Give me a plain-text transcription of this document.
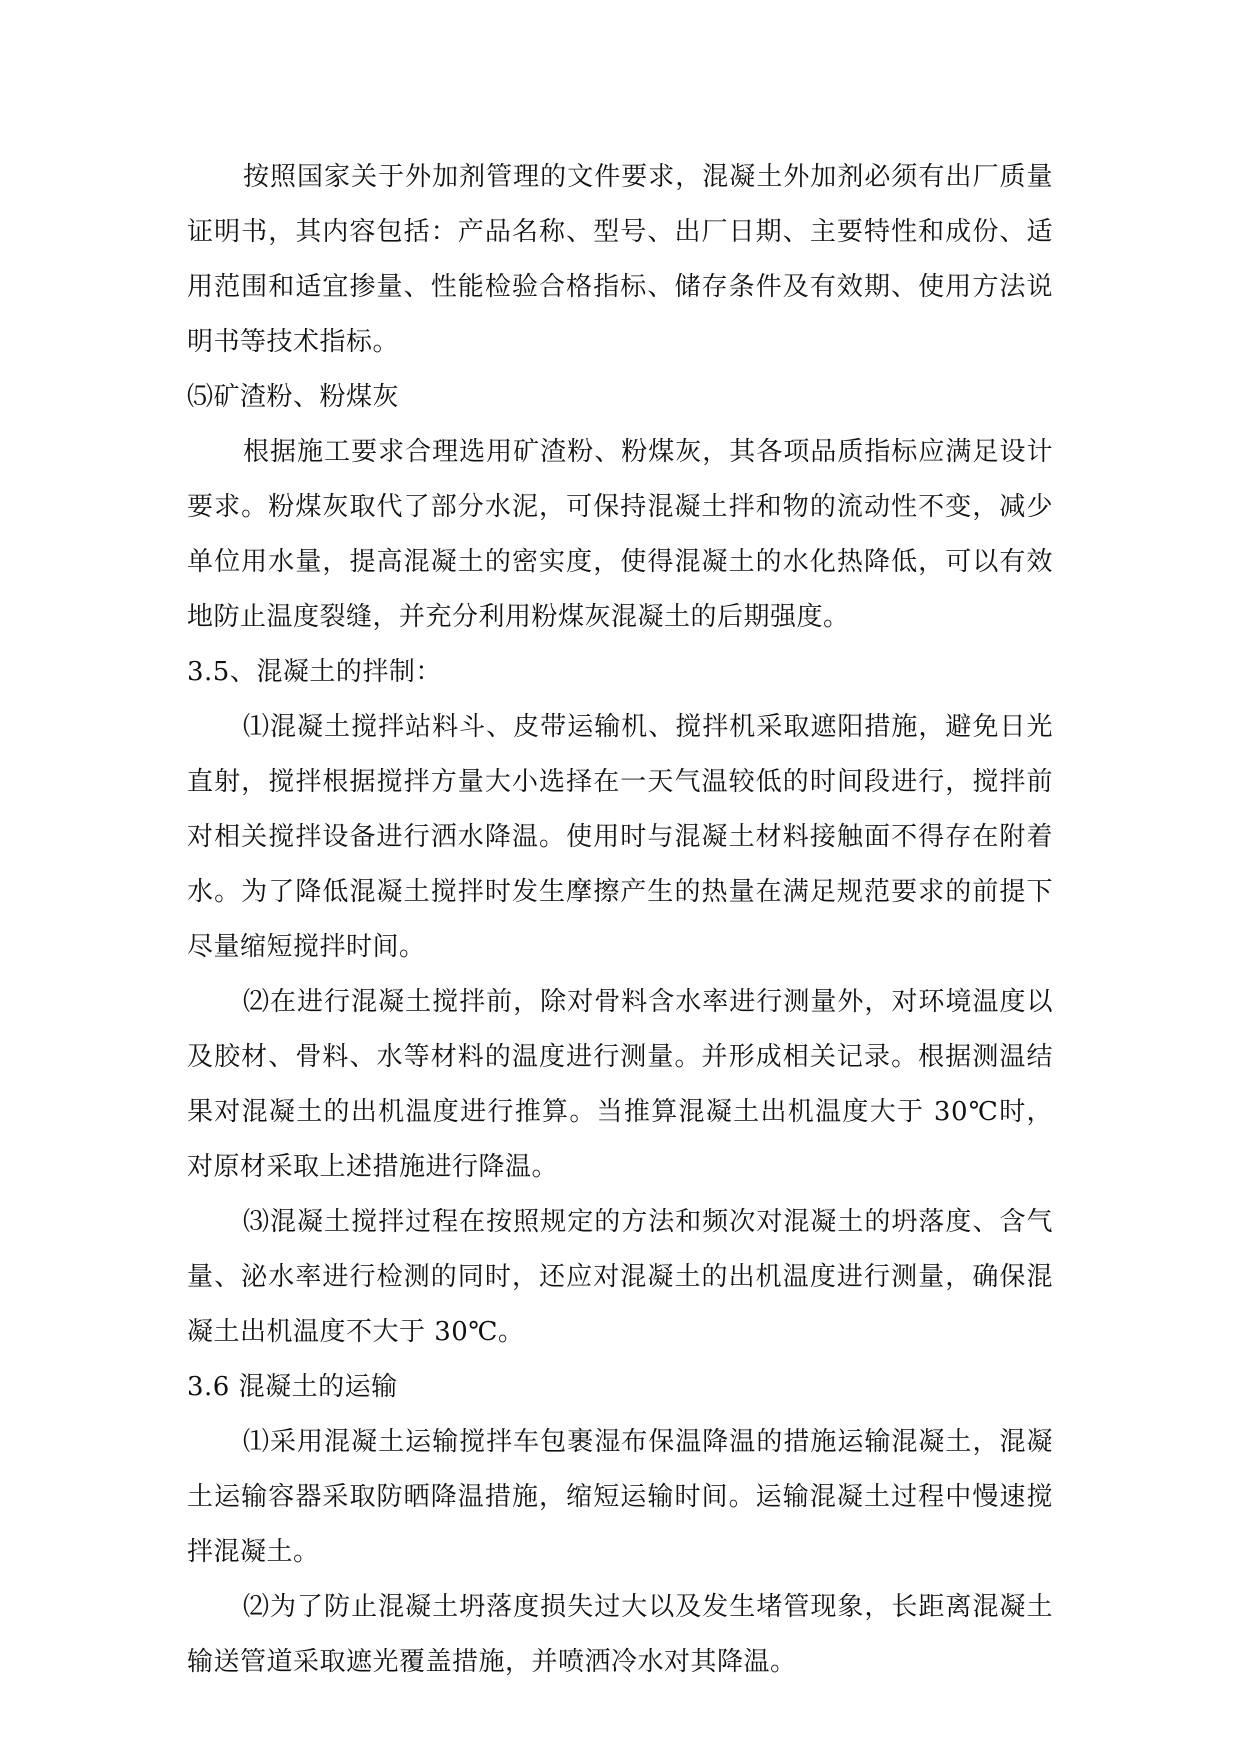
按照国家关于外加剂管理的文件要求，混凝土外加剂必须有出厂质量证明书，其内容包括：产品名称、型号、出厂日期、主要特性和成份、适用范围和适宜掺量、性能检验合格指标、储存条件及有效期、使用方法说明书等技术指标。

⑸矿渣粉、粉煤灰

根据施工要求合理选用矿渣粉、粉煤灰，其各项品质指标应满足设计要求。粉煤灰取代了部分水泥，可保持混凝土拌和物的流动性不变，减少单位用水量，提高混凝土的密实度，使得混凝土的水化热降低，可以有效地防止温度裂缝，并充分利用粉煤灰混凝土的后期强度。

3.5、混凝土的拌制：

⑴混凝土搅拌站料斗、皮带运输机、搅拌机采取遮阳措施，避免日光直射，搅拌根据搅拌方量大小选择在一天气温较低的时间段进行，搅拌前对相关搅拌设备进行洒水降温。使用时与混凝土材料接触面不得存在附着水。为了降低混凝土搅拌时发生摩擦产生的热量在满足规范要求的前提下尽量缩短搅拌时间。

⑵在进行混凝土搅拌前，除对骨料含水率进行测量外，对环境温度以及胶材、骨料、水等材料的温度进行测量。并形成相关记录。根据测温结果对混凝土的出机温度进行推算。当推算混凝土出机温度大于 30℃时，对原材采取上述措施进行降温。

⑶混凝土搅拌过程在按照规定的方法和频次对混凝土的坍落度、含气量、泌水率进行检测的同时，还应对混凝土的出机温度进行测量，确保混凝土出机温度不大于 30℃。

3.6 混凝土的运输

⑴采用混凝土运输搅拌车包裹湿布保温降温的措施运输混凝土，混凝土运输容器采取防晒降温措施，缩短运输时间。运输混凝土过程中慢速搅拌混凝土。

⑵为了防止混凝土坍落度损失过大以及发生堵管现象，长距离混凝土输送管道采取遮光覆盖措施，并喷洒冷水对其降温。
